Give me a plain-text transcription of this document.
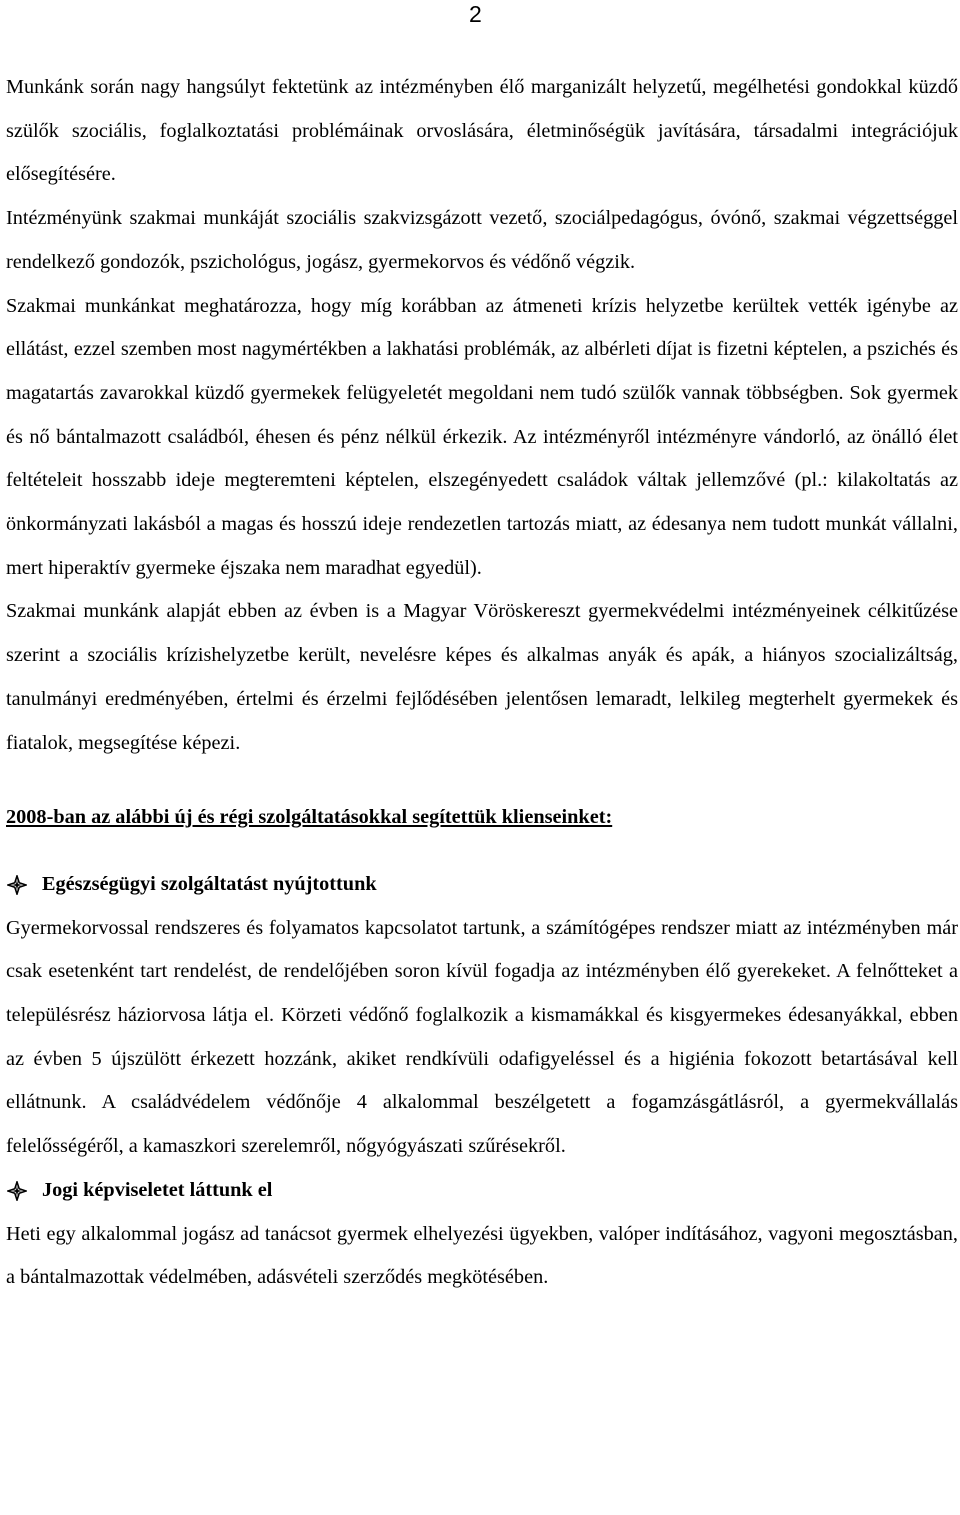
2

Munkánk során nagy hangsúlyt fektetünk az intézményben élő marganizált helyzetű, megélhetési gondokkal küzdő szülők szociális, foglalkoztatási problémáinak orvoslására, életminőségük javítására, társadalmi integrációjuk elősegítésére.

Intézményünk szakmai munkáját szociális szakvizsgázott vezető, szociálpedagógus, óvónő, szakmai végzettséggel rendelkező gondozók, pszichológus, jogász, gyermekorvos és védőnő végzik.

Szakmai munkánkat meghatározza, hogy míg korábban az átmeneti krízis helyzetbe kerültek vették igénybe az ellátást, ezzel szemben most nagymértékben a lakhatási problémák, az albérleti díjat is fizetni képtelen, a pszichés és magatartás zavarokkal küzdő gyermekek felügyeletét megoldani nem tudó szülők vannak többségben. Sok gyermek és nő bántalmazott családból, éhesen és pénz nélkül érkezik. Az intézményről intézményre vándorló, az önálló élet feltételeit hosszabb ideje megteremteni képtelen, elszegényedett családok váltak jellemzővé (pl.: kilakoltatás az önkormányzati lakásból a magas és hosszú ideje rendezetlen tartozás miatt, az édesanya nem tudott munkát vállalni, mert hiperaktív gyermeke éjszaka nem maradhat egyedül).

Szakmai munkánk alapját ebben az évben is a Magyar Vöröskereszt gyermekvédelmi intézményeinek célkitűzése szerint a szociális krízishelyzetbe került, nevelésre képes és alkalmas anyák és apák, a hiányos szocializáltság, tanulmányi eredményében, értelmi és érzelmi fejlődésében jelentősen lemaradt, lelkileg megterhelt gyermekek és fiatalok, megsegítése képezi.

2008-ban az alábbi új és régi szolgáltatásokkal segítettük klienseinket:

Egészségügyi szolgáltatást nyújtottunk

Gyermekorvossal rendszeres és folyamatos kapcsolatot tartunk, a számítógépes rendszer miatt az intézményben már csak esetenként tart rendelést, de rendelőjében soron kívül fogadja az intézményben élő gyerekeket. A felnőtteket a településrész háziorvosa látja el. Körzeti védőnő foglalkozik a kismamákkal és kisgyermekes édesanyákkal, ebben az évben 5 újszülött érkezett hozzánk, akiket rendkívüli odafigyeléssel és a higiénia fokozott betartásával kell ellátnunk. A családvédelem védőnője 4 alkalommal beszélgetett a fogamzásgátlásról, a gyermekvállalás felelősségéről, a kamaszkori szerelemről, nőgyógyászati szűrésekről.

Jogi képviseletet láttunk el

Heti egy alkalommal jogász ad tanácsot gyermek elhelyezési ügyekben, valóper indításához, vagyoni megosztásban, a bántalmazottak védelmében, adásvételi szerződés megkötésében.
